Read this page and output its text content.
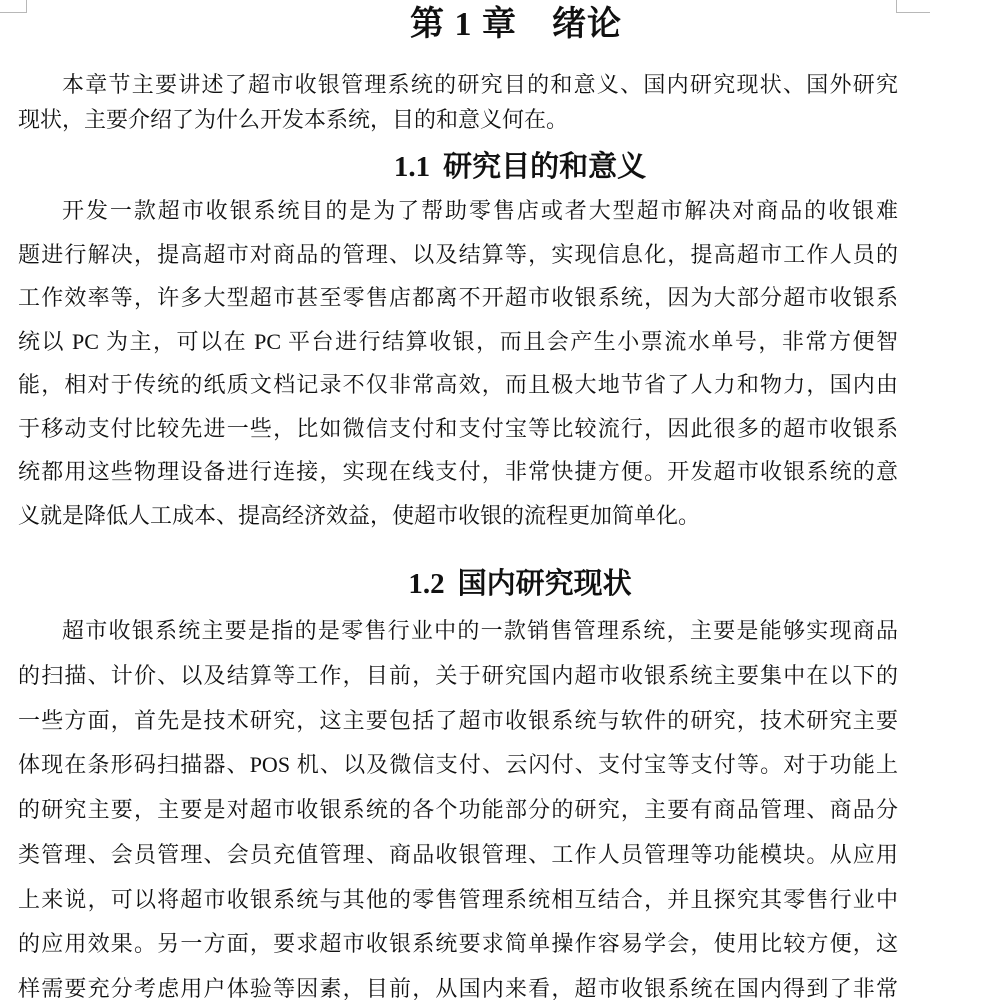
第 1 章　绪论
本章节主要讲述了超市收银管理系统的研究目的和意义、国内研究现状、国外研究
现状，主要介绍了为什么开发本系统，目的和意义何在。
1.1 研究目的和意义
开发一款超市收银系统目的是为了帮助零售店或者大型超市解决对商品的收银难
题进行解决，提高超市对商品的管理、以及结算等，实现信息化，提高超市工作人员的
工作效率等，许多大型超市甚至零售店都离不开超市收银系统，因为大部分超市收银系
统以 PC 为主，可以在 PC 平台进行结算收银，而且会产生小票流水单号，非常方便智
能，相对于传统的纸质文档记录不仅非常高效，而且极大地节省了人力和物力，国内由
于移动支付比较先进一些，比如微信支付和支付宝等比较流行，因此很多的超市收银系
统都用这些物理设备进行连接，实现在线支付，非常快捷方便。开发超市收银系统的意
义就是降低人工成本、提高经济效益，使超市收银的流程更加简单化。
1.2 国内研究现状
超市收银系统主要是指的是零售行业中的一款销售管理系统，主要是能够实现商品
的扫描、计价、以及结算等工作，目前，关于研究国内超市收银系统主要集中在以下的
一些方面，首先是技术研究，这主要包括了超市收银系统与软件的研究，技术研究主要
体现在条形码扫描器、POS 机、以及微信支付、云闪付、支付宝等支付等。对于功能上
的研究主要，主要是对超市收银系统的各个功能部分的研究，主要有商品管理、商品分
类管理、会员管理、会员充值管理、商品收银管理、工作人员管理等功能模块。从应用
上来说，可以将超市收银系统与其他的零售管理系统相互结合，并且探究其零售行业中
的应用效果。另一方面，要求超市收银系统要求简单操作容易学会，使用比较方便，这
样需要充分考虑用户体验等因素，目前，从国内来看，超市收银系统在国内得到了非常
